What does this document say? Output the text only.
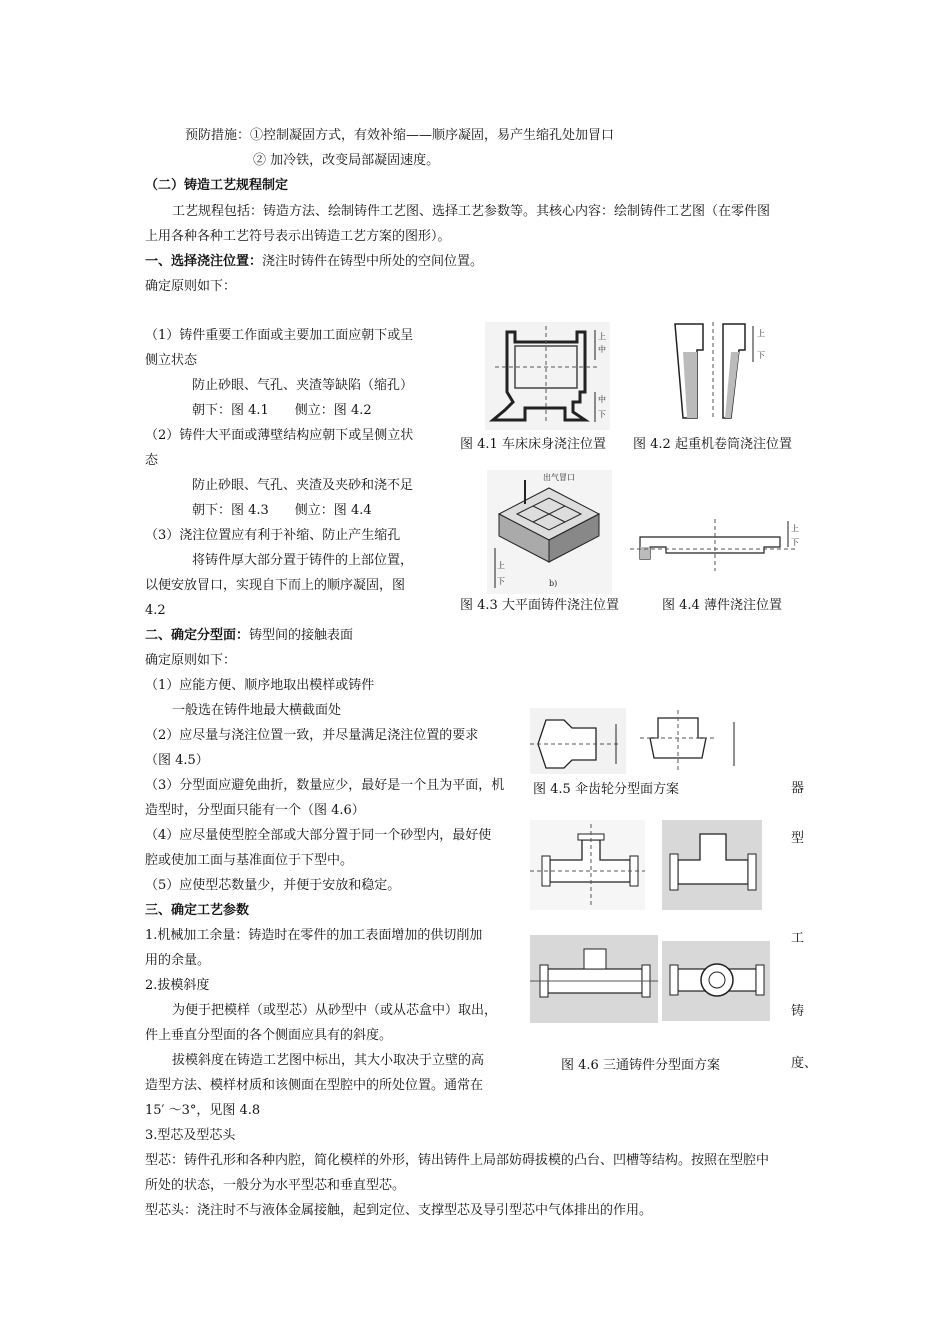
预防措施：①控制凝固方式，有效补缩——顺序凝固，易产生缩孔处加冒口
② 加冷铁，改变局部凝固速度。
（二）铸造工艺规程制定
工艺规程包括：铸造方法、绘制铸件工艺图、选择工艺参数等。其核心内容：绘制铸件工艺图（在零件图
上用各种各种工艺符号表示出铸造工艺方案的图形）。
一、选择浇注位置：浇注时铸件在铸型中所处的空间位置。
确定原则如下：
（1）铸件重要工作面或主要加工面应朝下或呈
侧立状态
防止砂眼、气孔、夹渣等缺陷（缩孔）
朝下：图 4.1　　侧立：图 4.2
（2）铸件大平面或薄壁结构应朝下或呈侧立状
态
防止砂眼、气孔、夹渣及夹砂和浇不足
朝下：图 4.3　　侧立：图 4.4
（3）浇注位置应有利于补缩、防止产生缩孔
将铸件厚大部分置于铸件的上部位置，
以便安放冒口，实现自下而上的顺序凝固，图
4.2
上
中
中
下
图 4.1 车床床身浇注位置
上
下
图 4.2 起重机卷筒浇注位置
出气冒口
上
下	b)
图 4.3 大平面铸件浇注位置
上
下
图 4.4 薄件浇注位置
二、确定分型面：铸型间的接触表面
确定原则如下：
（1）应能方便、顺序地取出模样或铸件
一般选在铸件地最大横截面处
（2）应尽量与浇注位置一致，并尽量满足浇注位置的要求
（图 4.5）
（3）分型面应避免曲折，数量应少，最好是一个且为平面，机
造型时，分型面只能有一个（图 4.6）
（4）应尽量使型腔全部或大部分置于同一个砂型内，最好使
腔或使加工面与基准面位于下型中。
（5）应使型芯数量少，并便于安放和稳定。
图 4.5 伞齿轮分型面方案
图 4.6 三通铸件分型面方案
器
型
工
铸
度、
三、确定工艺参数
1.机械加工余量：铸造时在零件的加工表面增加的供切削加
用的余量。
2.拔模斜度
为便于把模样（或型芯）从砂型中（或从芯盒中）取出，
件上垂直分型面的各个侧面应具有的斜度。
拔模斜度在铸造工艺图中标出，其大小取决于立壁的高
造型方法、模样材质和该侧面在型腔中的所处位置。通常在
15′ ～3°，见图 4.8
3.型芯及型芯头
型芯：铸件孔形和各种内腔，简化模样的外形，铸出铸件上局部妨碍拔模的凸台、凹槽等结构。按照在型腔中
所处的状态，一般分为水平型芯和垂直型芯。
型芯头：浇注时不与液体金属接触，起到定位、支撑型芯及导引型芯中气体排出的作用。
